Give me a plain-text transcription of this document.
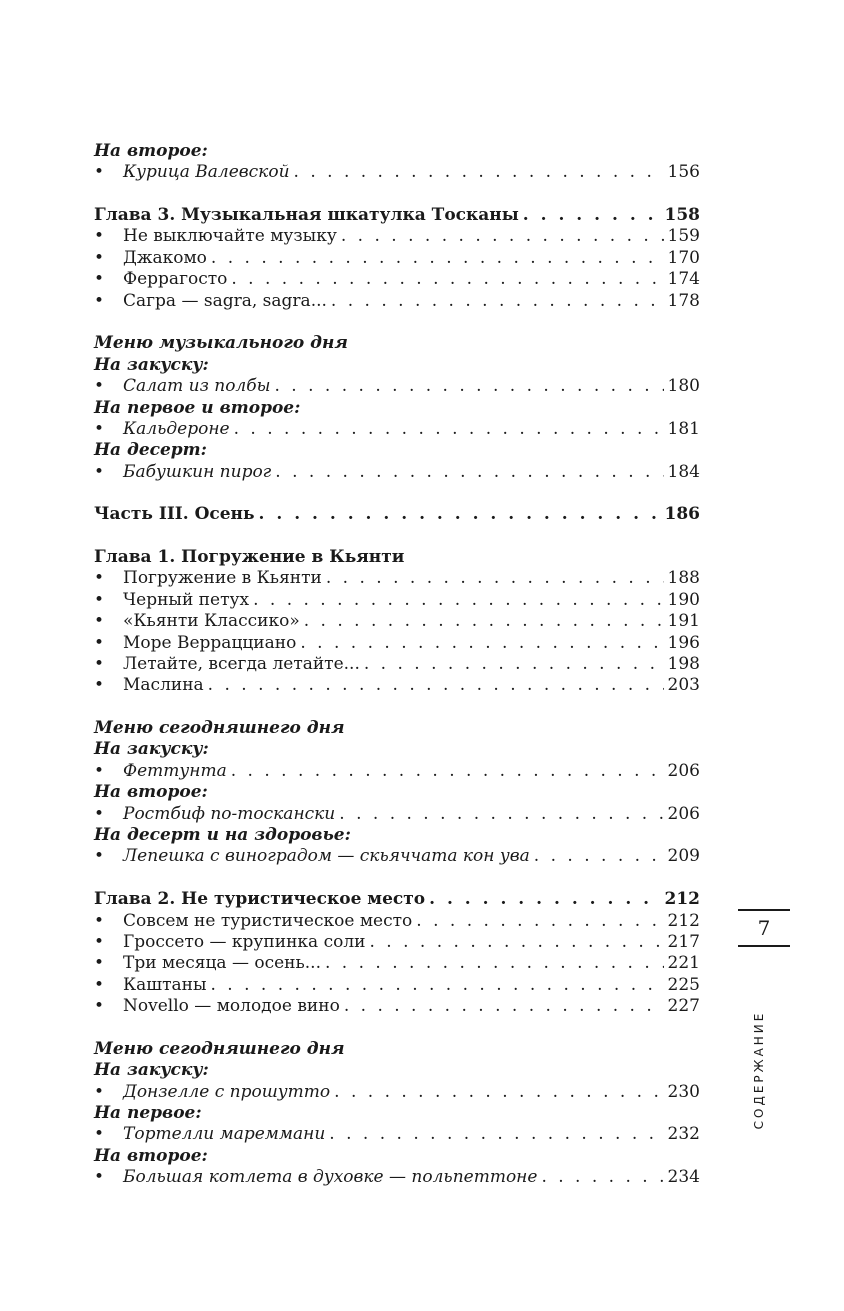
На второе:
•	Курица Валевской . . .	156
Глава 3. Музыкальная шкатулка Тосканы . . .	158
•	Не выключайте музыку . . .	159
•	Джакомо . . .	170
•	Феррагосто . . .	174
•	Сагра — sagra, sagra... . . .	178
Меню музыкального дня
На закуску:
•	Салат из полбы . . .	180
На первое и второе:
•	Кальдероне . . .	181
На десерт:
•	Бабушкин пирог . . .	184
Часть III. Осень . . .	186
Глава 1. Погружение в Кьянти
•	Погружение в Кьянти . . .	188
•	Черный петух . . .	190
•	«Кьянти Классико» . . .	191
•	Море Веррацциано . . .	196
•	Летайте, всегда летайте... . . .	198
•	Маслина . . .	203
Меню сегодняшнего дня
На закуску:
•	Феттунта . . .	206
На второе:
•	Ростбиф по-тоскански . . .	206
На десерт и на здоровье:
•	Лепешка с виноградом — скьяччата кон ува . . .	209
Глава 2. Не туристическое место . . .	212
•	Совсем не туристическое место . . .	212
•	Гроссето — крупинка соли . . .	217
•	Три месяца — осень... . . .	221
•	Каштаны . . .	225
•	Novello — молодое вино . . .	227
Меню сегодняшнего дня
На закуску:
•	Донзелле с прошутто . . .	230
На первое:
•	Тортелли мареммани . . .	232
На второе:
•	Большая котлета в духовке — польпеттоне . . .	234
7
СОДЕРЖАНИЕ
